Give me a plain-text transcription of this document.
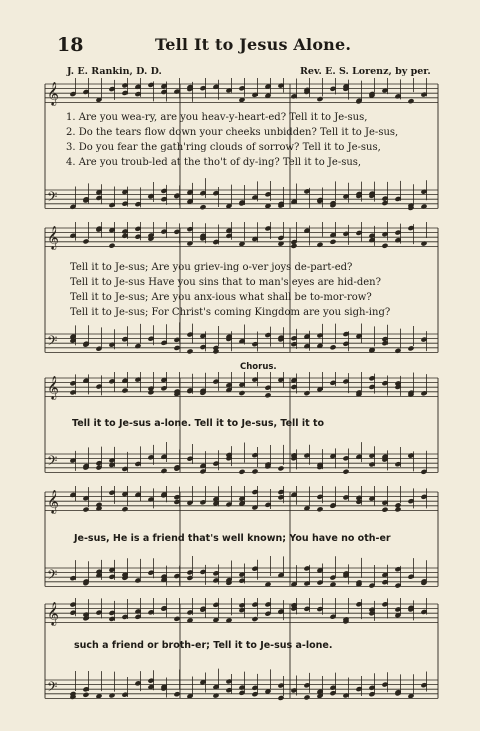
18	Tell It to Jesus Alone.
J. E. Rankin, D. D.	Rev. E. S. Lorenz, by per.
𝄞
𝄢
1. Are you wea-ry, are you heav-y-heart-ed? Tell it to Je-sus,
2. Do the tears flow down your cheeks unbidden? Tell it to Je-sus,
3. Do you fear the gath'ring clouds of sorrow? Tell it to Je-sus,
4. Are you troub-led at the tho't of dy-ing? Tell it to Je-sus,
𝄞
𝄢
Tell it to Je-sus; Are you griev-ing o-ver joys de-part-ed?
Tell it to Je-sus Have you sins that to man's eyes are hid-den?
Tell it to Je-sus; Are you anx-ious what shall be to-mor-row?
Tell it to Je-sus; For Christ's coming Kingdom are you sigh-ing?
Chorus.
𝄞
𝄢
Tell it to Je-sus a-lone. Tell it to Je-sus, Tell it to
𝄞
𝄢
Je-sus, He is a friend that's well known; You have no oth-er
𝄞
𝄢
such a friend or broth-er; Tell it to Je-sus a-lone.
